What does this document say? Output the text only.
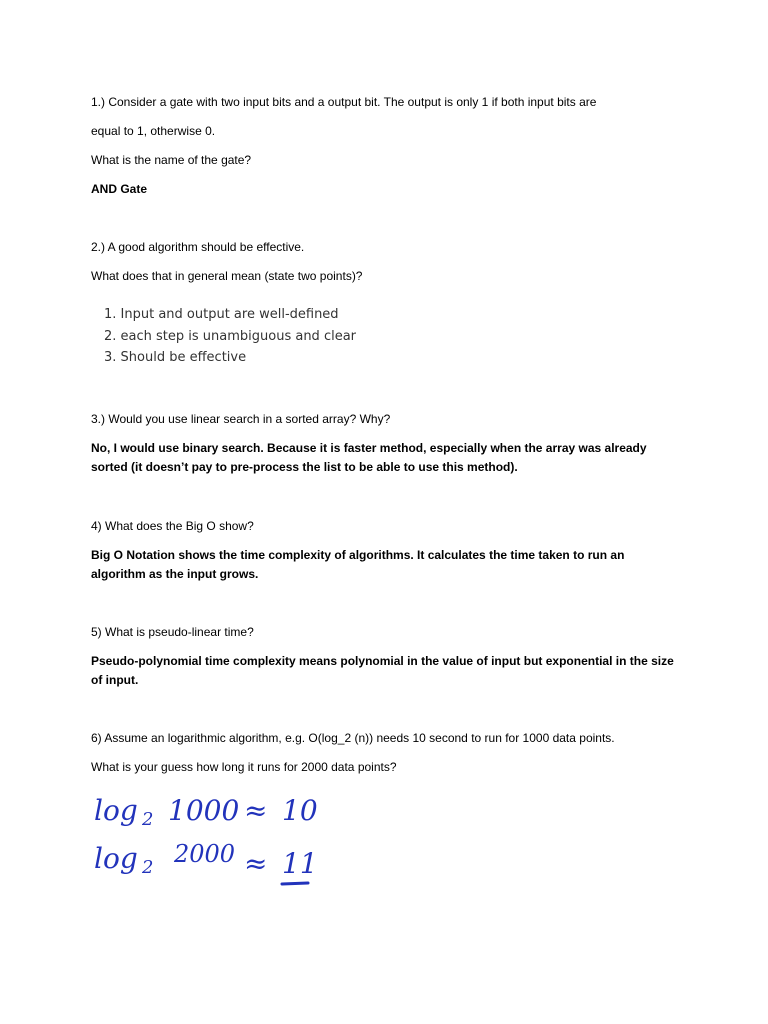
1.) Consider a gate with two input bits and a output bit. The output is only 1 if both input bits are

equal to 1, otherwise 0.

What is the name of the gate?

AND Gate

2.) A good algorithm should be effective.

What does that in general mean (state two points)?

1. Input and output are well-defined
2. each step is unambiguous and clear
3. Should be effective

3.) Would you use linear search in a sorted array? Why?

No, I would use binary search. Because it is faster method, especially when the array was already sorted (it doesn’t pay to pre-process the list to be able to use this method).

4) What does the Big O show?

Big O Notation shows the time complexity of algorithms. It calculates the time taken to run an algorithm as the input grows.

5) What is pseudo-linear time?

Pseudo-polynomial time complexity means polynomial in the value of input but exponential in the size of input.

6) Assume an logarithmic algorithm, e.g. O(log_2 (n)) needs 10 second to run for 1000 data points.

What is your guess how long it runs for 2000 data points?

log 2 1000 ≈ 10
log 2 2000 ≈ 11
